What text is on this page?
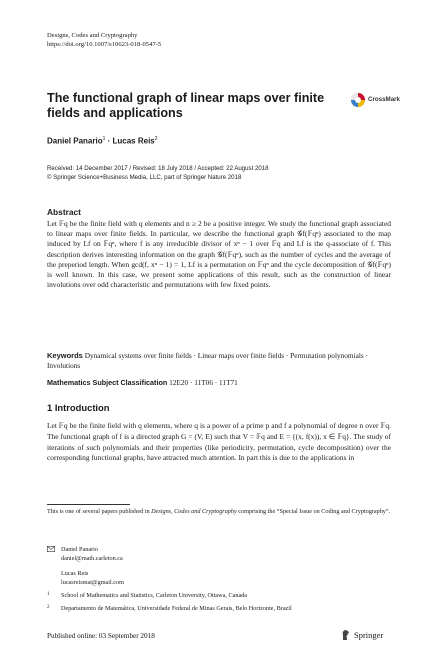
Designs, Codes and Cryptography
https://doi.org/10.1007/s10623-018-0547-5
CrossMark
The functional graph of linear maps over finite fields and applications
Daniel Panario$^1$ · Lucas Reis$^2$
Received: 14 December 2017 / Revised: 18 July 2018 / Accepted: 22 August 2018
© Springer Science+Business Media, LLC, part of Springer Nature 2018
Abstract
Let 𝔽q be the finite field with q elements and n ≥ 2 be a positive integer. We study the functional graph associated to linear maps over finite fields. In particular, we describe the functional graph 𝒢f(𝔽qⁿ) associated to the map induced by Lf on 𝔽qⁿ, where f is any irreducible divisor of xⁿ − 1 over 𝔽q and Lf is the q-associate of f. This description derives interesting information on the graph 𝒢f(𝔽qⁿ), such as the number of cycles and the average of the preperiod length. When gcd(f, xⁿ − 1) = 1, Lf is a permutation on 𝔽qⁿ and the cycle decomposition of 𝒢f(𝔽qⁿ) is well known. In this case, we present some applications of this result, such as the construction of linear involutions over odd characteristic and permutations with few fixed points.
Keywords Dynamical systems over finite fields · Linear maps over finite fields · Permutation polynomials · Involutions
Mathematics Subject Classification 12E20 · 11T06 · 11T71
1 Introduction
Let 𝔽q be the finite field with q elements, where q is a power of a prime p and f a polynomial of degree n over 𝔽q. The functional graph of f is a directed graph G = (V, E) such that V = 𝔽q and E = {(x, f(x)), x ∈ 𝔽q}. The study of iterations of such polynomials and their properties (like periodicity, permutation, cycle decomposition) over the corresponding functional graphs, have attracted much attention. In part this is due to the applications in
This is one of several papers published in Designs, Codes and Cryptography comprising the “Special Issue on Coding and Cryptography”.
Daniel Panario
daniel@math.carleton.ca
Lucas Reis
lucasreismat@gmail.com
1 School of Mathematics and Statistics, Carleton University, Ottawa, Canada
2 Departamento de Matemática, Universidade Federal de Minas Gerais, Belo Horizonte, Brazil
Published online: 03 September 2018	Springer
